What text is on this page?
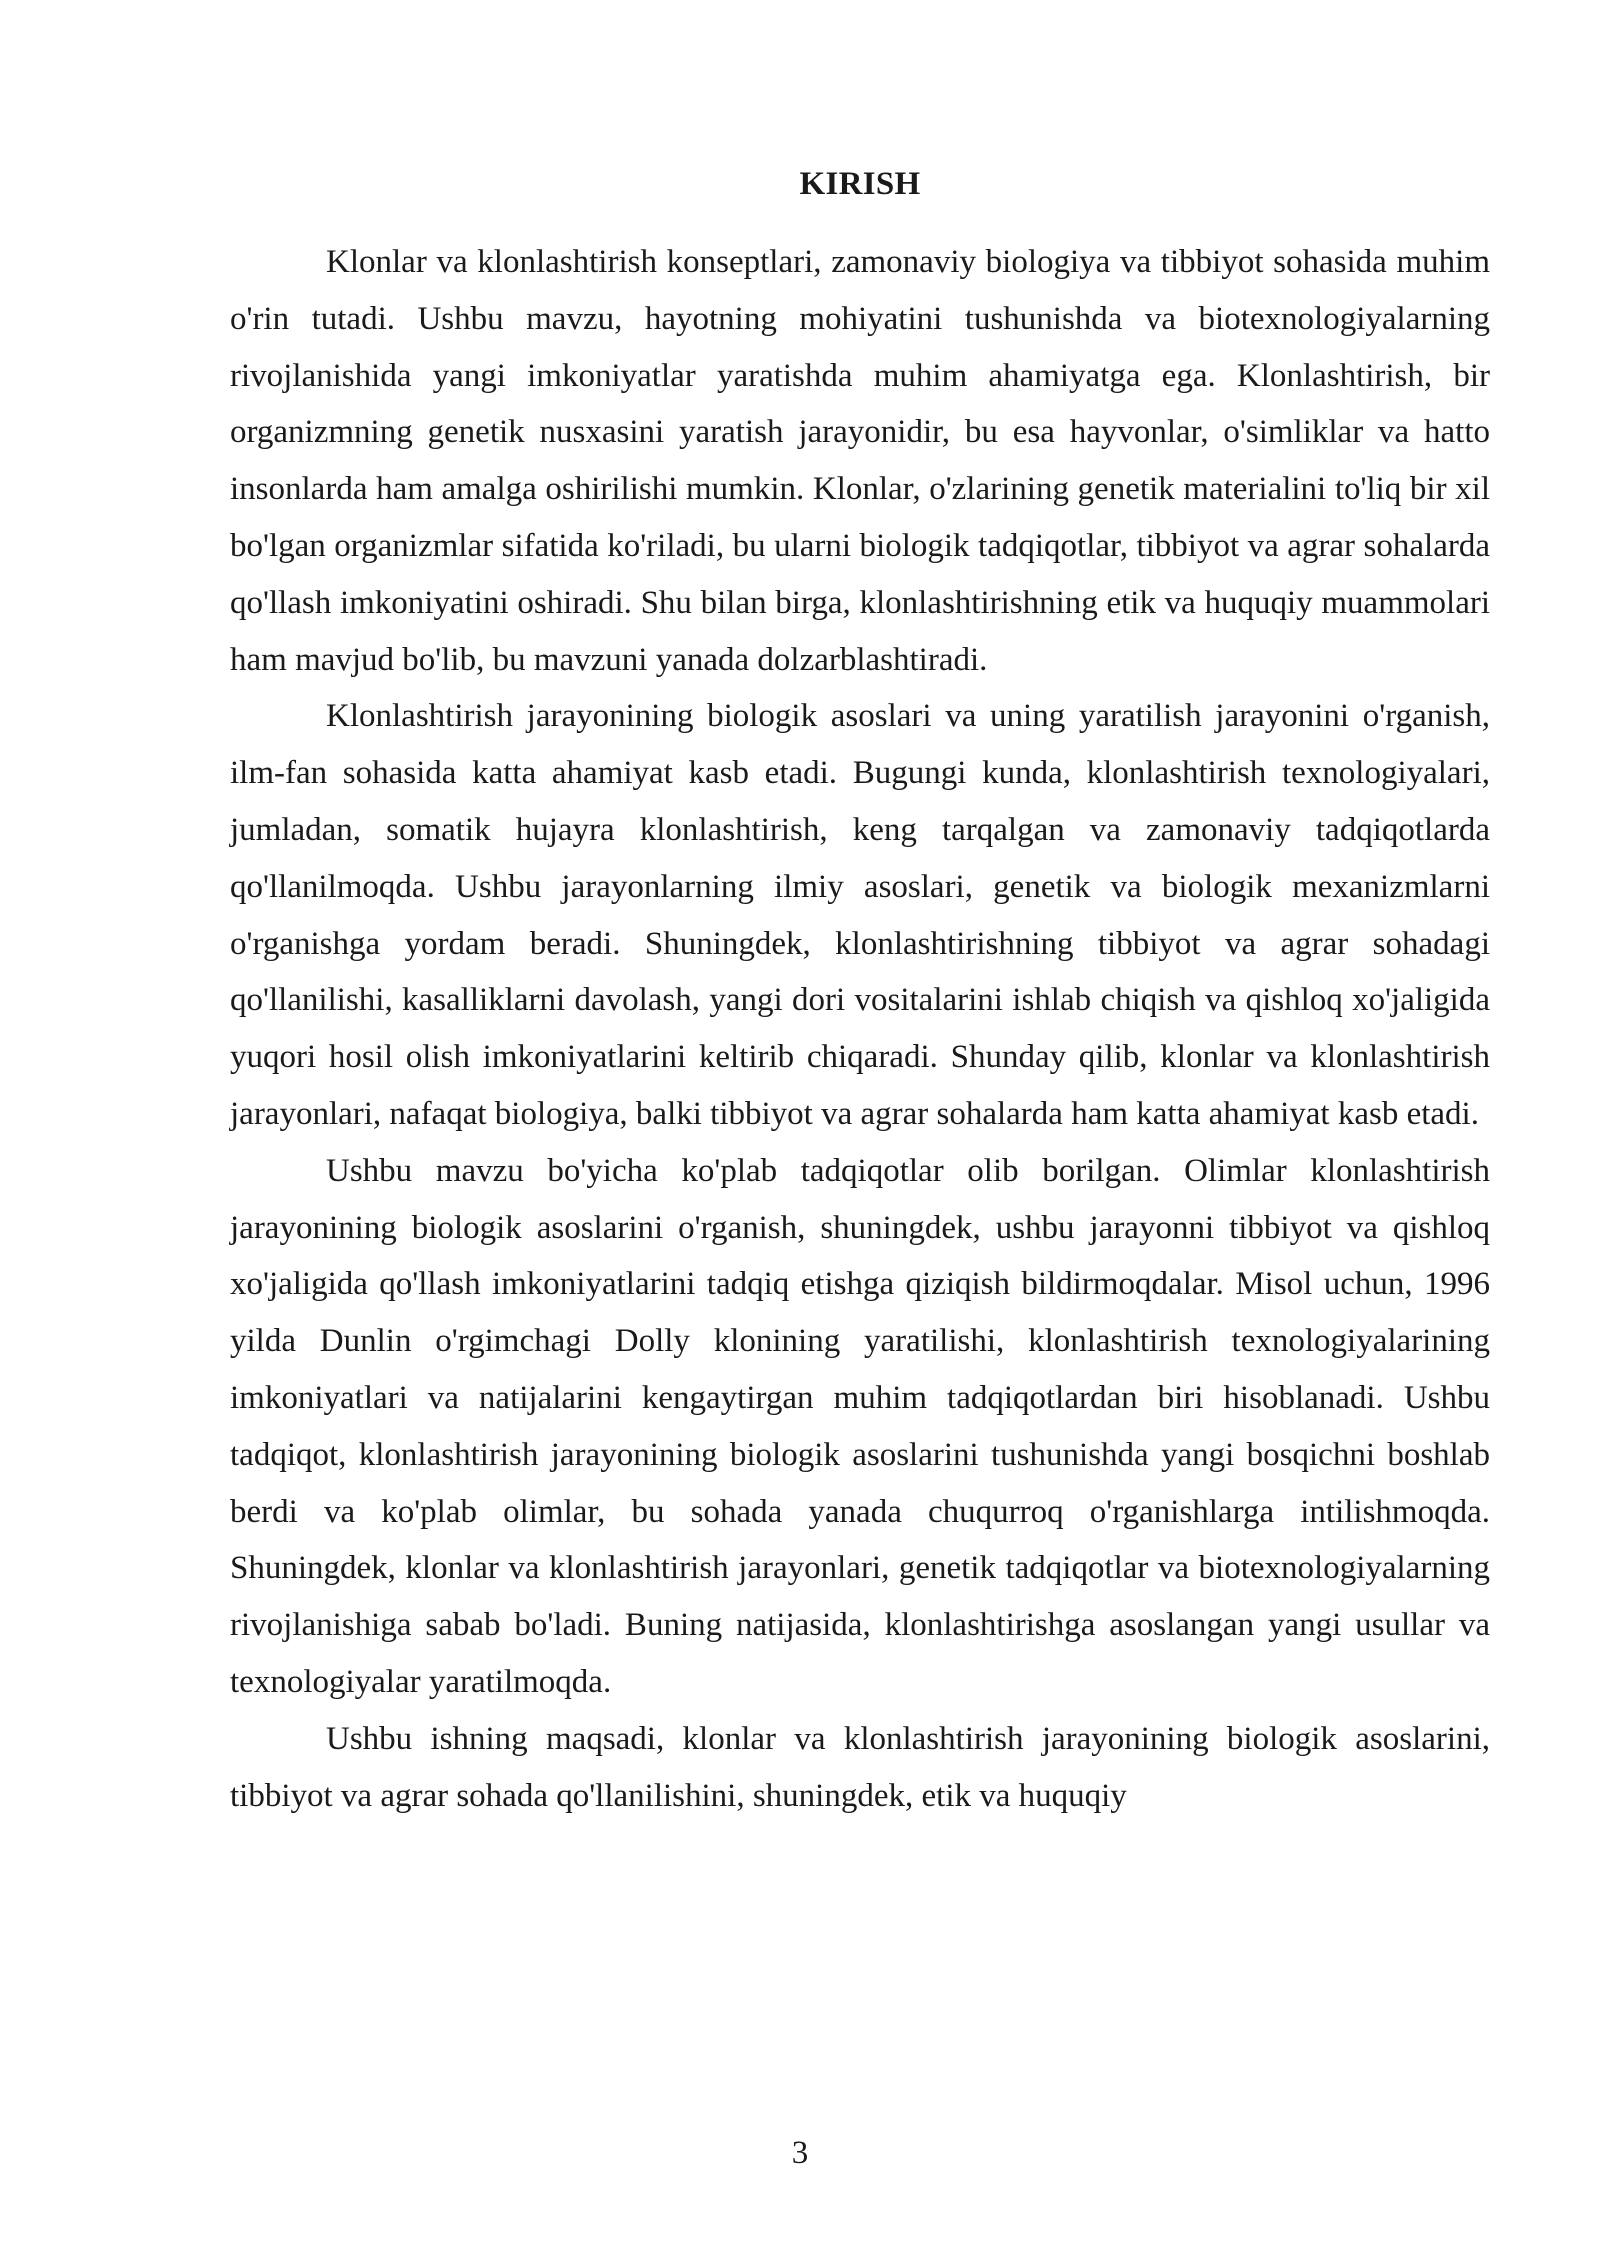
KIRISH

Klonlar va klonlashtirish konseptlari, zamonaviy biologiya va tibbiyot sohasida muhim o'rin tutadi. Ushbu mavzu, hayotning mohiyatini tushunishda va biotexnologiyalarning rivojlanishida yangi imkoniyatlar yaratishda muhim ahamiyatga ega. Klonlashtirish, bir organizmning genetik nusxasini yaratish jarayonidir, bu esa hayvonlar, o'simliklar va hatto insonlarda ham amalga oshirilishi mumkin. Klonlar, o'zlarining genetik materialini to'liq bir xil bo'lgan organizmlar sifatida ko'riladi, bu ularni biologik tadqiqotlar, tibbiyot va agrar sohalarda qo'llash imkoniyatini oshiradi. Shu bilan birga, klonlashtirishning etik va huquqiy muammolari ham mavjud bo'lib, bu mavzuni yanada dolzarblashtiradi.

Klonlashtirish jarayonining biologik asoslari va uning yaratilish jarayonini o'rganish, ilm-fan sohasida katta ahamiyat kasb etadi. Bugungi kunda, klonlashtirish texnologiyalari, jumladan, somatik hujayra klonlashtirish, keng tarqalgan va zamonaviy tadqiqotlarda qo'llanilmoqda. Ushbu jarayonlarning ilmiy asoslari, genetik va biologik mexanizmlarni o'rganishga yordam beradi. Shuningdek, klonlashtirishning tibbiyot va agrar sohadagi qo'llanilishi, kasalliklarni davolash, yangi dori vositalarini ishlab chiqish va qishloq xo'jaligida yuqori hosil olish imkoniyatlarini keltirib chiqaradi. Shunday qilib, klonlar va klonlashtirish jarayonlari, nafaqat biologiya, balki tibbiyot va agrar sohalarda ham katta ahamiyat kasb etadi.

Ushbu mavzu bo'yicha ko'plab tadqiqotlar olib borilgan. Olimlar klonlashtirish jarayonining biologik asoslarini o'rganish, shuningdek, ushbu jarayonni tibbiyot va qishloq xo'jaligida qo'llash imkoniyatlarini tadqiq etishga qiziqish bildirmoqdalar. Misol uchun, 1996 yilda Dunlin o'rgimchagi Dolly klonining yaratilishi, klonlashtirish texnologiyalarining imkoniyatlari va natijalarini kengaytirgan muhim tadqiqotlardan biri hisoblanadi. Ushbu tadqiqot, klonlashtirish jarayonining biologik asoslarini tushunishda yangi bosqichni boshlab berdi va ko'plab olimlar, bu sohada yanada chuqurroq o'rganishlarga intilishmoqda. Shuningdek, klonlar va klonlashtirish jarayonlari, genetik tadqiqotlar va biotexnologiyalarning rivojlanishiga sabab bo'ladi. Buning natijasida, klonlashtirishga asoslangan yangi usullar va texnologiyalar yaratilmoqda.

Ushbu ishning maqsadi, klonlar va klonlashtirish jarayonining biologik asoslarini, tibbiyot va agrar sohada qo'llanilishini, shuningdek, etik va huquqiy

3
